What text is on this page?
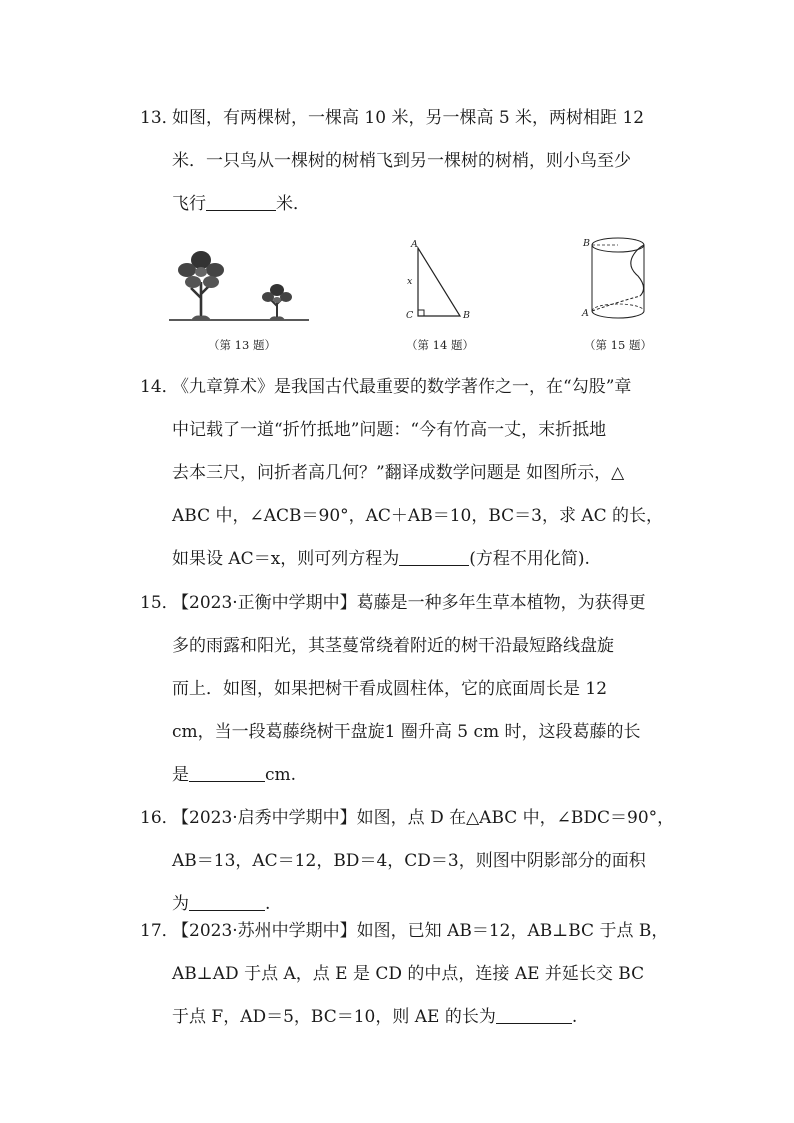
13．
如图，有两棵树，一棵高 10 米，另一棵高 5 米，两树相距 12
米．一只鸟从一棵树的树梢飞到另一棵树的树梢，则小鸟至少
飞行	米．
（第 13 题）
A
C	B
x
（第 14 题）
B
A
（第 15 题）
14．
《九章算术》是我国古代最重要的数学著作之一，在“勾股”章
中记载了一道“折竹抵地”问题：“今有竹高一丈，末折抵地
去本三尺，问折者高几何？”翻译成数学问题是 如图所示，△
ABC 中，∠ACB＝90°，AC＋AB＝10，BC＝3，求 AC 的长，
如果设 AC＝x，则可列方程为	(方程不用化简).
15．
【2023·正衡中学期中】葛藤是一种多年生草本植物，为获得更
多的雨露和阳光，其茎蔓常绕着附近的树干沿最短路线盘旋
而上．如图，如果把树干看成圆柱体，它的底面周长是 12
cm，当一段葛藤绕树干盘旋1 圈升高 5 cm 时，这段葛藤的长
是	cm.
16．
【2023·启秀中学期中】如图，点 D 在△ABC 中，∠BDC＝90°，
AB＝13，AC＝12，BD＝4，CD＝3，则图中阴影部分的面积
为	.
17．
【2023·苏州中学期中】如图，已知 AB＝12，AB⊥BC 于点 B，
AB⊥AD 于点 A，点 E 是 CD 的中点，连接 AE 并延长交 BC
于点 F，AD＝5，BC＝10，则 AE 的长为	.
